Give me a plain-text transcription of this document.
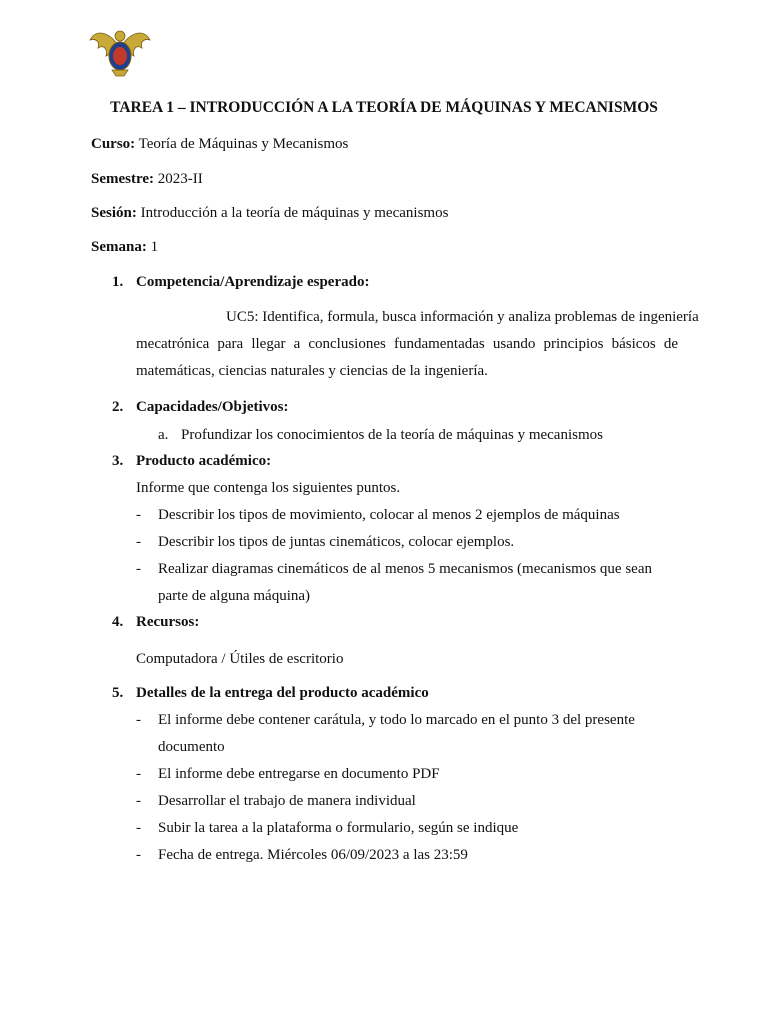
TAREA 1 – INTRODUCCIÓN A LA TEORÍA DE MÁQUINAS Y MECANISMOS
Curso: Teoría de Máquinas y Mecanismos
Semestre: 2023-II
Sesión: Introducción a la teoría de máquinas y mecanismos
Semana: 1
1. Competencia/Aprendizaje esperado:
UC5: Identifica, formula, busca información y analiza problemas de ingeniería
mecatrónica para llegar a conclusiones fundamentadas usando principios básicos de
matemáticas, ciencias naturales y ciencias de la ingeniería.
2. Capacidades/Objetivos:
a. Profundizar los conocimientos de la teoría de máquinas y mecanismos
3. Producto académico:
Informe que contenga los siguientes puntos.
- Describir los tipos de movimiento, colocar al menos 2 ejemplos de máquinas
- Describir los tipos de juntas cinemáticos, colocar ejemplos.
- Realizar diagramas cinemáticos de al menos 5 mecanismos (mecanismos que sean
parte de alguna máquina)
4. Recursos:
Computadora / Útiles de escritorio
5. Detalles de la entrega del producto académico
- El informe debe contener carátula, y todo lo marcado en el punto 3 del presente
documento
- El informe debe entregarse en documento PDF
- Desarrollar el trabajo de manera individual
- Subir la tarea a la plataforma o formulario, según se indique
- Fecha de entrega. Miércoles 06/09/2023 a las 23:59
